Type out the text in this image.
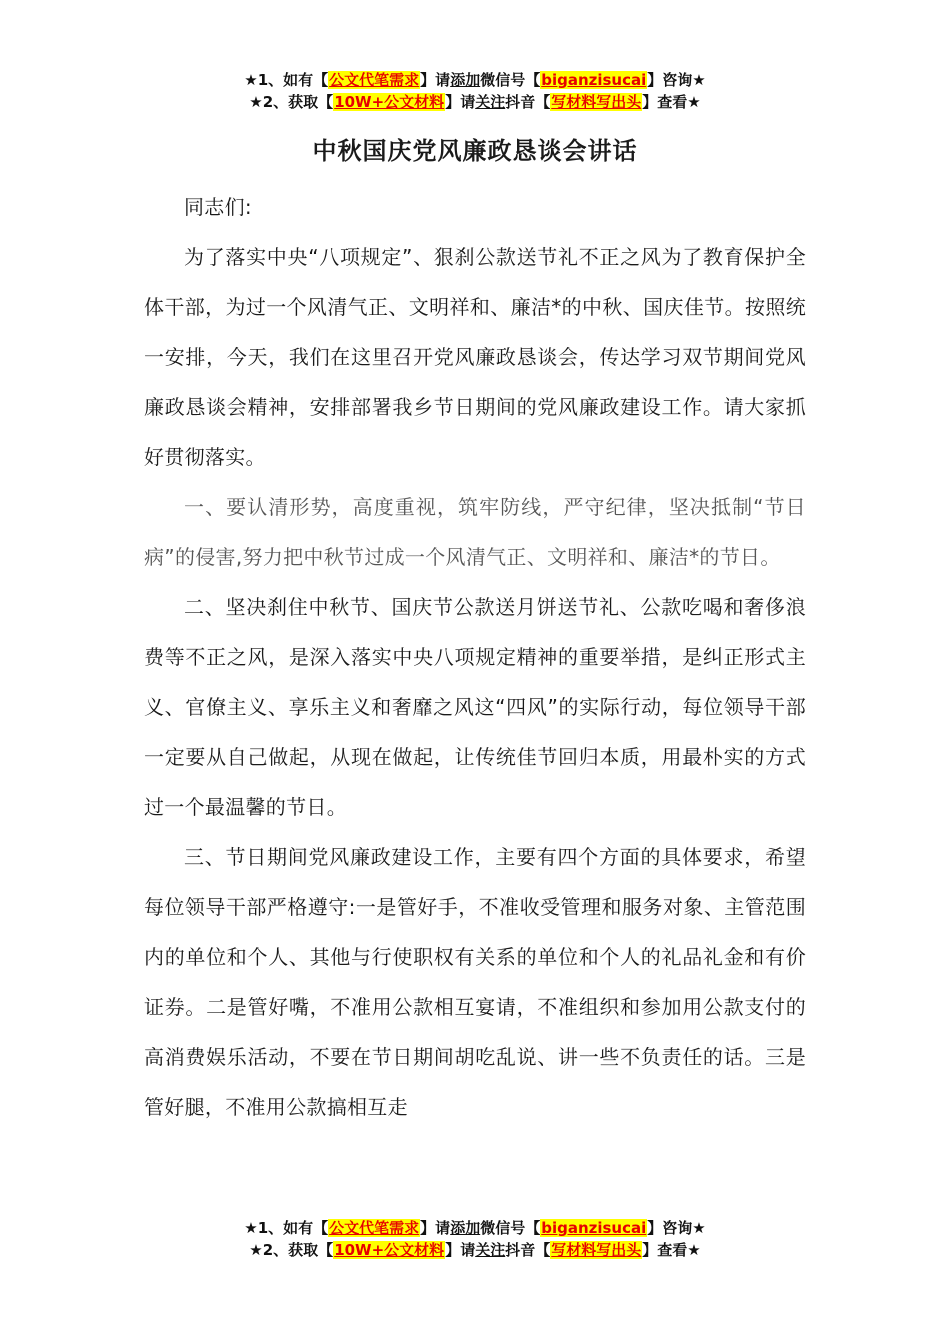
★1、如有【公文代笔需求】请添加微信号【biganzisucai】咨询★
★2、获取【10W+公文材料】请关注抖音【写材料写出头】查看★
中秋国庆党风廉政恳谈会讲话

同志们:

为了落实中央“八项规定”、狠刹公款送节礼不正之风为了教育保护全体干部，为过一个风清气正、文明祥和、廉洁*的中秋、国庆佳节。按照统一安排，今天，我们在这里召开党风廉政恳谈会，传达学习双节期间党风廉政恳谈会精神，安排部署我乡节日期间的党风廉政建设工作。请大家抓好贯彻落实。

一、要认清形势，高度重视，筑牢防线，严守纪律，坚决抵制“节日病”的侵害,努力把中秋节过成一个风清气正、文明祥和、廉洁*的节日。

二、坚决刹住中秋节、国庆节公款送月饼送节礼、公款吃喝和奢侈浪费等不正之风，是深入落实中央八项规定精神的重要举措，是纠正形式主义、官僚主义、享乐主义和奢靡之风这“四风”的实际行动，每位领导干部一定要从自己做起，从现在做起，让传统佳节回归本质，用最朴实的方式过一个最温馨的节日。

三、节日期间党风廉政建设工作，主要有四个方面的具体要求，希望每位领导干部严格遵守:一是管好手，不准收受管理和服务对象、主管范围内的单位和个人、其他与行使职权有关系的单位和个人的礼品礼金和有价证券。二是管好嘴，不准用公款相互宴请，不准组织和参加用公款支付的高消费娱乐活动，不要在节日期间胡吃乱说、讲一些不负责任的话。三是管好腿，不准用公款搞相互走

★1、如有【公文代笔需求】请添加微信号【biganzisucai】咨询★
★2、获取【10W+公文材料】请关注抖音【写材料写出头】查看★
